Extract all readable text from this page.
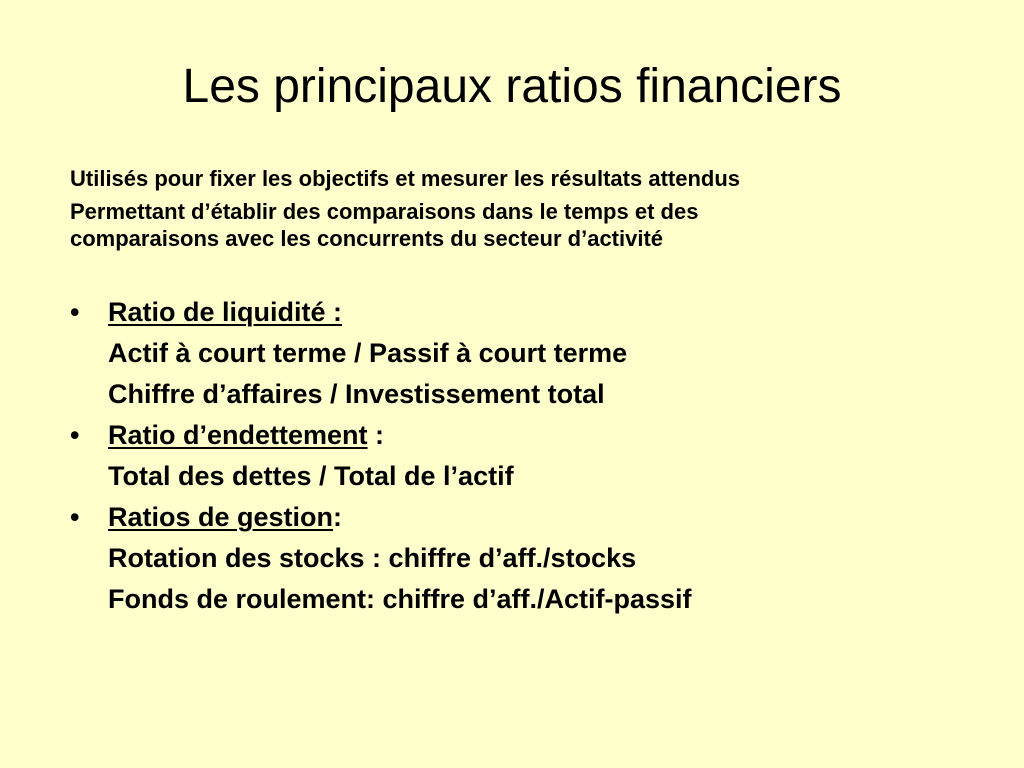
Les principaux ratios financiers
Utilisés pour fixer les objectifs et mesurer les résultats attendus
Permettant d’établir des comparaisons dans le temps et des
comparaisons avec les concurrents du secteur d’activité
•	Ratio de liquidité :
Actif à court terme / Passif à court terme
Chiffre d’affaires / Investissement total
•	Ratio d’endettement :
Total des dettes / Total de l’actif
•	Ratios de gestion:
Rotation des stocks : chiffre d’aff./stocks
Fonds de roulement: chiffre d’aff./Actif-passif
